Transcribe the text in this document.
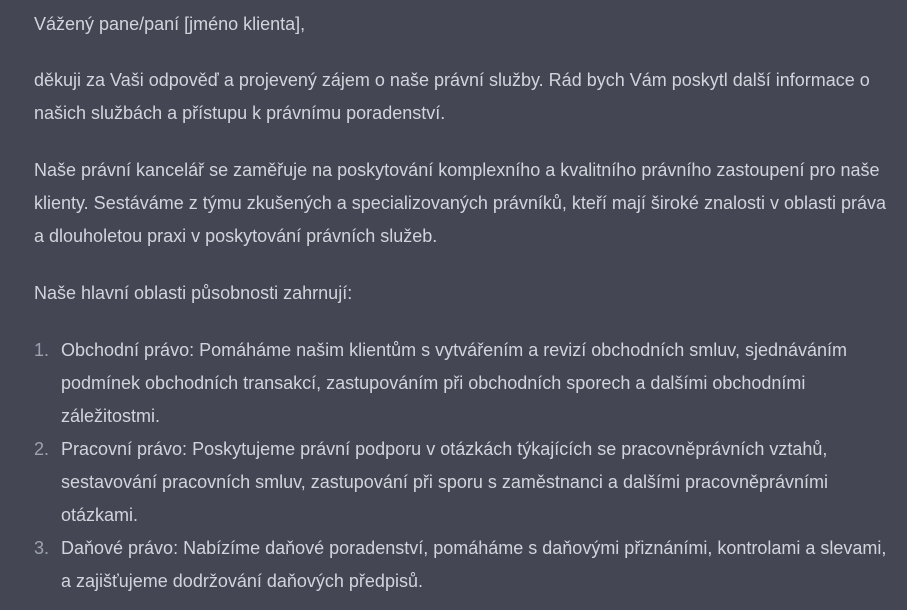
Vážený pane/paní [jméno klienta],

děkuji za Vaši odpověď a projevený zájem o naše právní služby. Rád bych Vám poskytl další informace o našich službách a přístupu k právnímu poradenství.

Naše právní kancelář se zaměřuje na poskytování komplexního a kvalitního právního zastoupení pro naše klienty. Sestáváme z týmu zkušených a specializovaných právníků, kteří mají široké znalosti v oblasti práva a dlouholetou praxi v poskytování právních služeb.

Naše hlavní oblasti působnosti zahrnují:

1. Obchodní právo: Pomáháme našim klientům s vytvářením a revizí obchodních smluv, sjednáváním podmínek obchodních transakcí, zastupováním při obchodních sporech a dalšími obchodními záležitostmi.
2. Pracovní právo: Poskytujeme právní podporu v otázkách týkajících se pracovněprávních vztahů, sestavování pracovních smluv, zastupování při sporu s zaměstnanci a dalšími pracovněprávními otázkami.
3. Daňové právo: Nabízíme daňové poradenství, pomáháme s daňovými přiznáními, kontrolami a slevami, a zajišťujeme dodržování daňových předpisů.
